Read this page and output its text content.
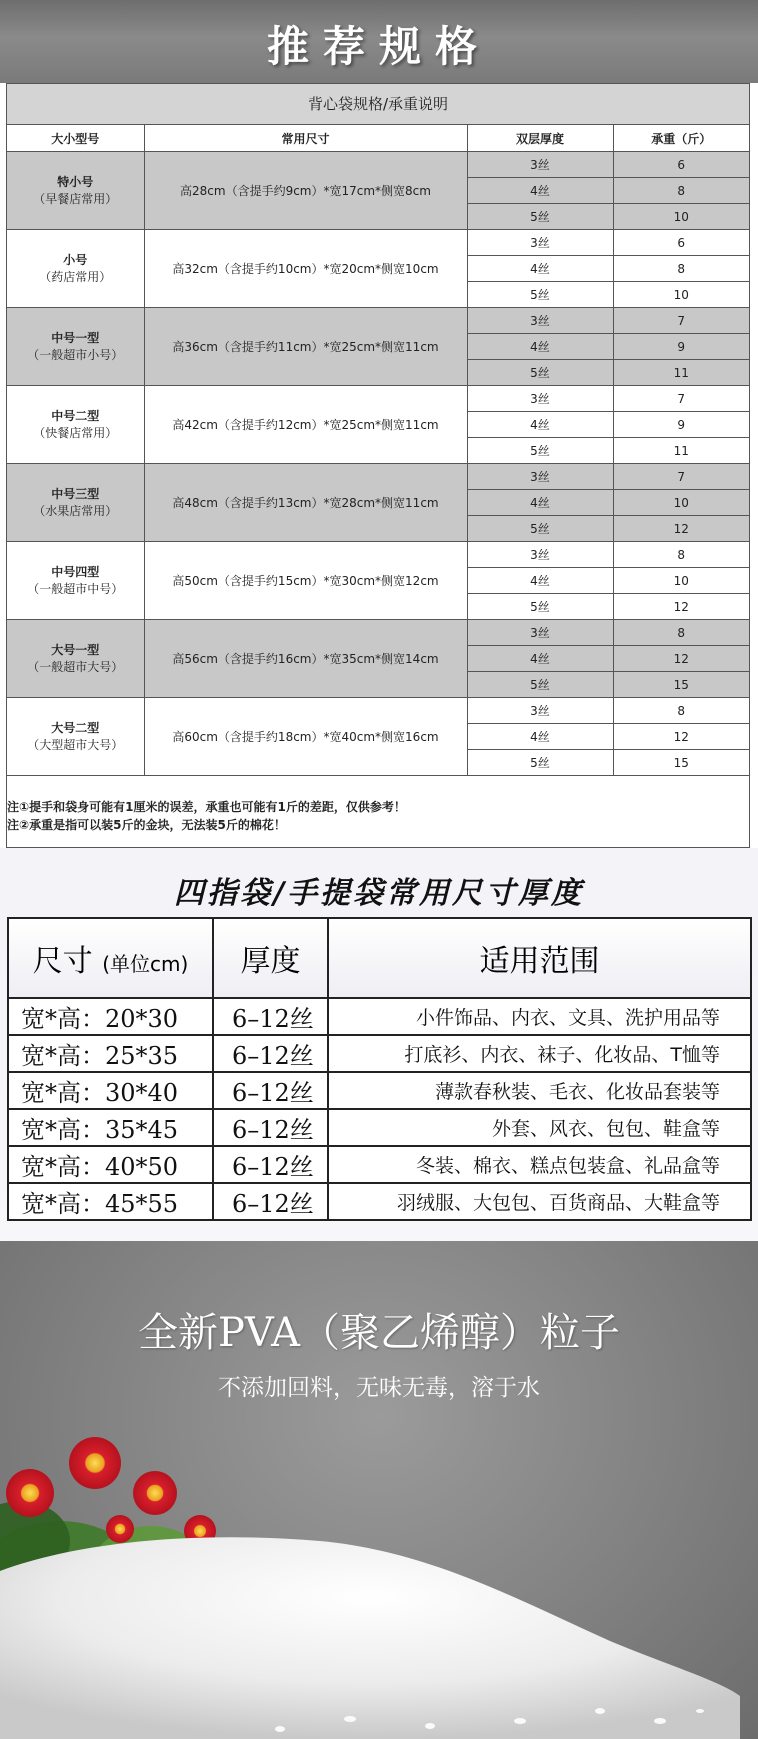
推荐规格
背心袋规格/承重说明
大小型号	常用尺寸	双层厚度	承重（斤）
特小号
（早餐店常用）	高28cm（含提手约9cm）*宽17cm*侧宽8cm	3丝	6
		4丝	8
		5丝	10
小号
（药店常用）	高32cm（含提手约10cm）*宽20cm*侧宽10cm	3丝	6
		4丝	8
		5丝	10
中号一型
（一般超市小号）	高36cm（含提手约11cm）*宽25cm*侧宽11cm	3丝	7
		4丝	9
		5丝	11
中号二型
（快餐店常用）	高42cm（含提手约12cm）*宽25cm*侧宽11cm	3丝	7
		4丝	9
		5丝	11
中号三型
（水果店常用）	高48cm（含提手约13cm）*宽28cm*侧宽11cm	3丝	7
		4丝	10
		5丝	12
中号四型
（一般超市中号）	高50cm（含提手约15cm）*宽30cm*侧宽12cm	3丝	8
		4丝	10
		5丝	12
大号一型
（一般超市大号）	高56cm（含提手约16cm）*宽35cm*侧宽14cm	3丝	8
		4丝	12
		5丝	15
大号二型
（大型超市大号）	高60cm（含提手约18cm）*宽40cm*侧宽16cm	3丝	8
		4丝	12
		5丝	15
注①提手和袋身可能有1厘米的误差，承重也可能有1斤的差距，仅供参考！
注②承重是指可以装5斤的金块，无法装5斤的棉花！
四指袋/手提袋常用尺寸厚度
尺寸 (单位cm)	厚度	适用范围
宽*高：20*30	6–12丝	小件饰品、内衣、文具、洗护用品等
宽*高：25*35	6–12丝	打底衫、内衣、袜子、化妆品、T恤等
宽*高：30*40	6–12丝	薄款春秋装、毛衣、化妆品套装等
宽*高：35*45	6–12丝	外套、风衣、包包、鞋盒等
宽*高：40*50	6–12丝	冬装、棉衣、糕点包装盒、礼品盒等
宽*高：45*55	6–12丝	羽绒服、大包包、百货商品、大鞋盒等
全新PVA（聚乙烯醇）粒子
不添加回料，无味无毒，溶于水
